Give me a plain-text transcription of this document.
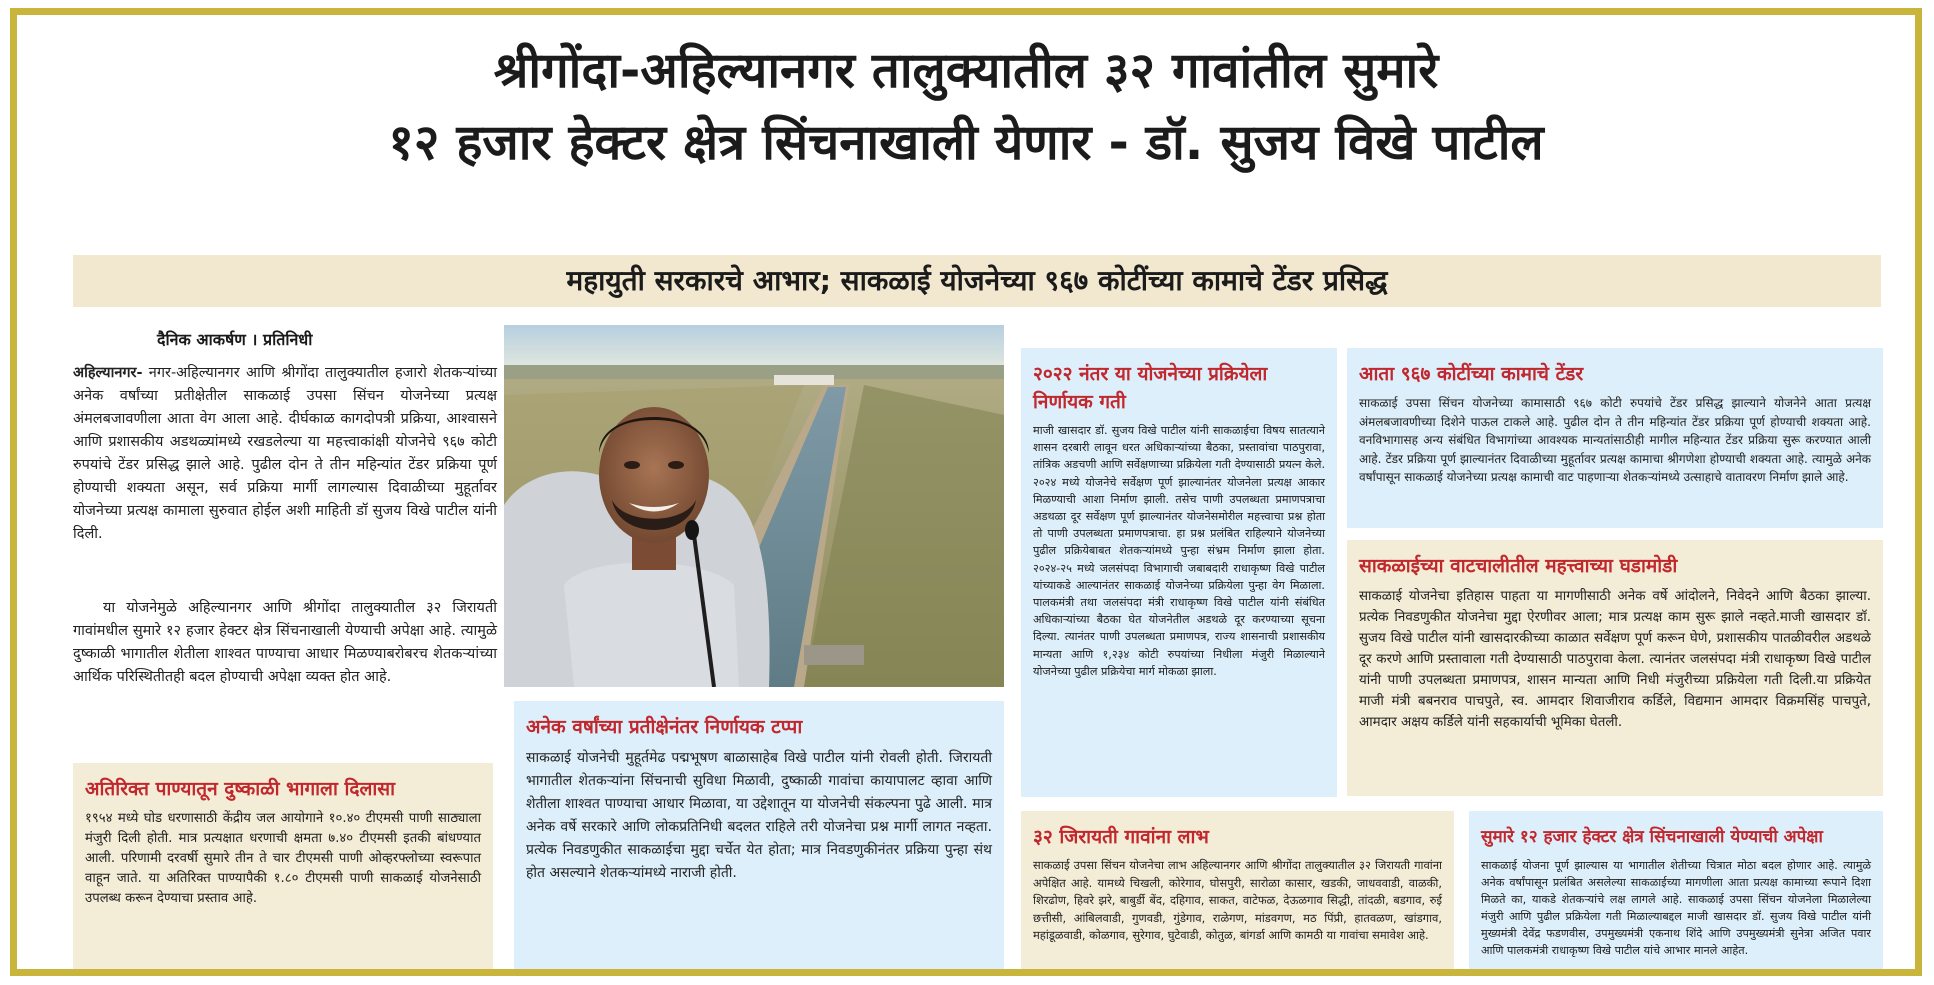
श्रीगोंदा-अहिल्यानगर तालुक्यातील ३२ गावांतील सुमारे
१२ हजार हेक्टर क्षेत्र सिंचनाखाली येणार - डॉ. सुजय विखे पाटील
महायुती सरकारचे आभार; साकळाई योजनेच्या ९६७ कोटींच्या कामाचे टेंडर प्रसिद्ध
दैनिक आकर्षण । प्रतिनिधी

अहिल्यानगर- नगर-अहिल्यानगर आणि श्रीगोंदा तालुक्यातील हजारो शेतकऱ्यांच्या अनेक वर्षांच्या प्रतीक्षेतील साकळाई उपसा सिंचन योजनेच्या प्रत्यक्ष अंमलबजावणीला आता वेग आला आहे. दीर्घकाळ कागदोपत्री प्रक्रिया, आश्वासने आणि प्रशासकीय अडथळ्यांमध्ये रखडलेल्या या महत्त्वाकांक्षी योजनेचे ९६७ कोटी रुपयांचे टेंडर प्रसिद्ध झाले आहे. पुढील दोन ते तीन महिन्यांत टेंडर प्रक्रिया पूर्ण होण्याची शक्यता असून, सर्व प्रक्रिया मार्गी लागल्यास दिवाळीच्या मुहूर्तावर योजनेच्या प्रत्यक्ष कामाला सुरुवात होईल अशी माहिती डॉ सुजय विखे पाटील यांनी दिली.

या योजनेमुळे अहिल्यानगर आणि श्रीगोंदा तालुक्यातील ३२ जिरायती गावांमधील सुमारे १२ हजार हेक्टर क्षेत्र सिंचनाखाली येण्याची अपेक्षा आहे. त्यामुळे दुष्काळी भागातील शेतीला शाश्वत पाण्याचा आधार मिळण्याबरोबरच शेतकऱ्यांच्या आर्थिक परिस्थितीतही बदल होण्याची अपेक्षा व्यक्त होत आहे.

अतिरिक्त पाण्यातून दुष्काळी भागाला दिलासा

१९५४ मध्ये घोड धरणासाठी केंद्रीय जल आयोगाने १०.४० टीएमसी पाणी साठ्याला मंजुरी दिली होती. मात्र प्रत्यक्षात धरणाची क्षमता ७.४० टीएमसी इतकी बांधण्यात आली. परिणामी दरवर्षी सुमारे तीन ते चार टीएमसी पाणी ओव्हरफ्लोच्या स्वरूपात वाहून जाते. या अतिरिक्त पाण्यापैकी १.८० टीएमसी पाणी साकळाई योजनेसाठी उपलब्ध करून देण्याचा प्रस्ताव आहे.

अनेक वर्षांच्या प्रतीक्षेनंतर निर्णायक टप्पा

साकळाई योजनेची मुहूर्तमेढ पद्मभूषण बाळासाहेब विखे पाटील यांनी रोवली होती. जिरायती भागातील शेतकऱ्यांना सिंचनाची सुविधा मिळावी, दुष्काळी गावांचा कायापालट व्हावा आणि शेतीला शाश्वत पाण्याचा आधार मिळावा, या उद्देशातून या योजनेची संकल्पना पुढे आली. मात्र अनेक वर्षे सरकारे आणि लोकप्रतिनिधी बदलत राहिले तरी योजनेचा प्रश्न मार्गी लागत नव्हता. प्रत्येक निवडणुकीत साकळाईचा मुद्दा चर्चेत येत होता; मात्र निवडणुकीनंतर प्रक्रिया पुन्हा संथ होत असल्याने शेतकऱ्यांमध्ये नाराजी होती.

२०२२ नंतर या योजनेच्या प्रक्रियेला निर्णायक गती

माजी खासदार डॉ. सुजय विखे पाटील यांनी साकळाईचा विषय सातत्याने शासन दरबारी लावून धरत अधिकाऱ्यांच्या बैठका, प्रस्तावांचा पाठपुरावा, तांत्रिक अडचणी आणि सर्वेक्षणाच्या प्रक्रियेला गती देण्यासाठी प्रयत्न केले. २०२४ मध्ये योजनेचे सर्वेक्षण पूर्ण झाल्यानंतर योजनेला प्रत्यक्ष आकार मिळण्याची आशा निर्माण झाली. तसेच पाणी उपलब्धता प्रमाणपत्राचा अडथळा दूर सर्वेक्षण पूर्ण झाल्यानंतर योजनेसमोरील महत्त्वाचा प्रश्न होता तो पाणी उपलब्धता प्रमाणपत्राचा. हा प्रश्न प्रलंबित राहिल्याने योजनेच्या पुढील प्रक्रियेबाबत शेतकऱ्यांमध्ये पुन्हा संभ्रम निर्माण झाला होता. २०२४-२५ मध्ये जलसंपदा विभागाची जबाबदारी राधाकृष्ण विखे पाटील यांच्याकडे आल्यानंतर साकळाई योजनेच्या प्रक्रियेला पुन्हा वेग मिळाला. पालकमंत्री तथा जलसंपदा मंत्री राधाकृष्ण विखे पाटील यांनी संबंधित अधिकाऱ्यांच्या बैठका घेत योजनेतील अडथळे दूर करण्याच्या सूचना दिल्या. त्यानंतर पाणी उपलब्धता प्रमाणपत्र, राज्य शासनाची प्रशासकीय मान्यता आणि १,२३४ कोटी रुपयांच्या निधीला मंजुरी मिळाल्याने योजनेच्या पुढील प्रक्रियेचा मार्ग मोकळा झाला.

३२ जिरायती गावांना लाभ

साकळाई उपसा सिंचन योजनेचा लाभ अहिल्यानगर आणि श्रीगोंदा तालुक्यातील ३२ जिरायती गावांना अपेक्षित आहे. यामध्ये चिखली, कोरेगाव, घोसपुरी, सारोळा कासार, खडकी, जाधववाडी, वाळकी, शिरढोण, हिवरे झरे, बाबुर्डी बेंद, दहिगाव, साकत, वाटेफळ, देऊळगाव सिद्धी, तांदळी, बडगाव, रुई छत्तीसी, आंबिलवाडी, गुणवडी, गुंडेगाव, राळेगण, मांडवगण, मठ पिंप्री, हातवळण, खांडगाव, महांडूळवाडी, कोळगाव, सुरेगाव, घुटेवाडी, कोतुळ, बांगर्डा आणि कामठी या गावांचा समावेश आहे.

आता ९६७ कोटींच्या कामाचे टेंडर

साकळाई उपसा सिंचन योजनेच्या कामासाठी ९६७ कोटी रुपयांचे टेंडर प्रसिद्ध झाल्याने योजनेने आता प्रत्यक्ष अंमलबजावणीच्या दिशेने पाऊल टाकले आहे. पुढील दोन ते तीन महिन्यांत टेंडर प्रक्रिया पूर्ण होण्याची शक्यता आहे. वनविभागासह अन्य संबंधित विभागांच्या आवश्यक मान्यतांसाठीही मागील महिन्यात टेंडर प्रक्रिया सुरू करण्यात आली आहे. टेंडर प्रक्रिया पूर्ण झाल्यानंतर दिवाळीच्या मुहूर्तावर प्रत्यक्ष कामाचा श्रीगणेशा होण्याची शक्यता आहे. त्यामुळे अनेक वर्षांपासून साकळाई योजनेच्या प्रत्यक्ष कामाची वाट पाहणाऱ्या शेतकऱ्यांमध्ये उत्साहाचे वातावरण निर्माण झाले आहे.

साकळाईच्या वाटचालीतील महत्त्वाच्या घडामोडी

साकळाई योजनेचा इतिहास पाहता या मागणीसाठी अनेक वर्षे आंदोलने, निवेदने आणि बैठका झाल्या. प्रत्येक निवडणुकीत योजनेचा मुद्दा ऐरणीवर आला; मात्र प्रत्यक्ष काम सुरू झाले नव्हते.माजी खासदार डॉ. सुजय विखे पाटील यांनी खासदारकीच्या काळात सर्वेक्षण पूर्ण करून घेणे, प्रशासकीय पातळीवरील अडथळे दूर करणे आणि प्रस्तावाला गती देण्यासाठी पाठपुरावा केला. त्यानंतर जलसंपदा मंत्री राधाकृष्ण विखे पाटील यांनी पाणी उपलब्धता प्रमाणपत्र, शासन मान्यता आणि निधी मंजुरीच्या प्रक्रियेला गती दिली.या प्रक्रियेत माजी मंत्री बबनराव पाचपुते, स्व. आमदार शिवाजीराव कर्डिले, विद्यमान आमदार विक्रमसिंह पाचपुते, आमदार अक्षय कर्डिले यांनी सहकार्याची भूमिका घेतली.

सुमारे १२ हजार हेक्टर क्षेत्र सिंचनाखाली येण्याची अपेक्षा

साकळाई योजना पूर्ण झाल्यास या भागातील शेतीच्या चित्रात मोठा बदल होणार आहे. त्यामुळे अनेक वर्षांपासून प्रलंबित असलेल्या साकळाईच्या मागणीला आता प्रत्यक्ष कामाच्या रूपाने दिशा मिळते का, याकडे शेतकऱ्यांचे लक्ष लागले आहे. साकळाई उपसा सिंचन योजनेला मिळालेल्या मंजुरी आणि पुढील प्रक्रियेला गती मिळाल्याबद्दल माजी खासदार डॉ. सुजय विखे पाटील यांनी मुख्यमंत्री देवेंद्र फडणवीस, उपमुख्यमंत्री एकनाथ शिंदे आणि उपमुख्यमंत्री सुनेत्रा अजित पवार आणि पालकमंत्री राधाकृष्ण विखे पाटील यांचे आभार मानले आहेत.
